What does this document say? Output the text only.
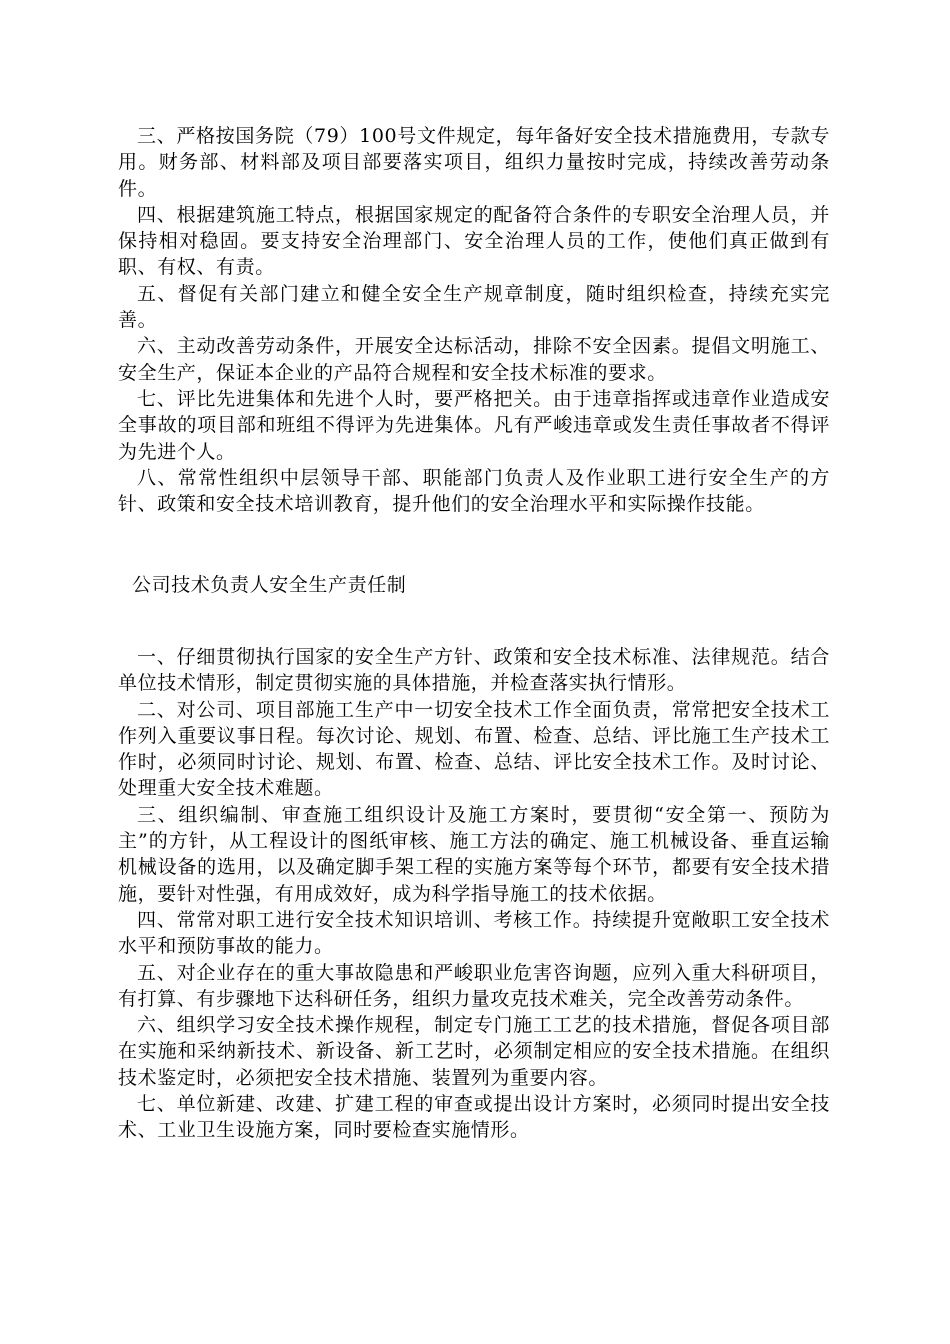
三、严格按国务院（79）100号文件规定，每年备好安全技术措施费用，专款专用。财务部、材料部及项目部要落实项目，组织力量按时完成，持续改善劳动条件。

四、根据建筑施工特点，根据国家规定的配备符合条件的专职安全治理人员，并保持相对稳固。要支持安全治理部门、安全治理人员的工作，使他们真正做到有职、有权、有责。

五、督促有关部门建立和健全安全生产规章制度，随时组织检查，持续充实完善。

六、主动改善劳动条件，开展安全达标活动，排除不安全因素。提倡文明施工、安全生产，保证本企业的产品符合规程和安全技术标准的要求。

七、评比先进集体和先进个人时，要严格把关。由于违章指挥或违章作业造成安全事故的项目部和班组不得评为先进集体。凡有严峻违章或发生责任事故者不得评为先进个人。

八、常常性组织中层领导干部、职能部门负责人及作业职工进行安全生产的方针、政策和安全技术培训教育，提升他们的安全治理水平和实际操作技能。

公司技术负责人安全生产责任制

一、仔细贯彻执行国家的安全生产方针、政策和安全技术标准、法律规范。结合单位技术情形，制定贯彻实施的具体措施，并检查落实执行情形。

二、对公司、项目部施工生产中一切安全技术工作全面负责，常常把安全技术工作列入重要议事日程。每次讨论、规划、布置、检查、总结、评比施工生产技术工作时，必须同时讨论、规划、布置、检查、总结、评比安全技术工作。及时讨论、处理重大安全技术难题。

三、组织编制、审查施工组织设计及施工方案时，要贯彻“安全第一、预防为主”的方针，从工程设计的图纸审核、施工方法的确定、施工机械设备、垂直运输机械设备的选用，以及确定脚手架工程的实施方案等每个环节，都要有安全技术措施，要针对性强，有用成效好，成为科学指导施工的技术依据。

四、常常对职工进行安全技术知识培训、考核工作。持续提升宽敞职工安全技术水平和预防事故的能力。

五、对企业存在的重大事故隐患和严峻职业危害咨询题，应列入重大科研项目，有打算、有步骤地下达科研任务，组织力量攻克技术难关，完全改善劳动条件。

六、组织学习安全技术操作规程，制定专门施工工艺的技术措施，督促各项目部在实施和采纳新技术、新设备、新工艺时，必须制定相应的安全技术措施。在组织技术鉴定时，必须把安全技术措施、装置列为重要内容。

七、单位新建、改建、扩建工程的审查或提出设计方案时，必须同时提出安全技术、工业卫生设施方案，同时要检查实施情形。
